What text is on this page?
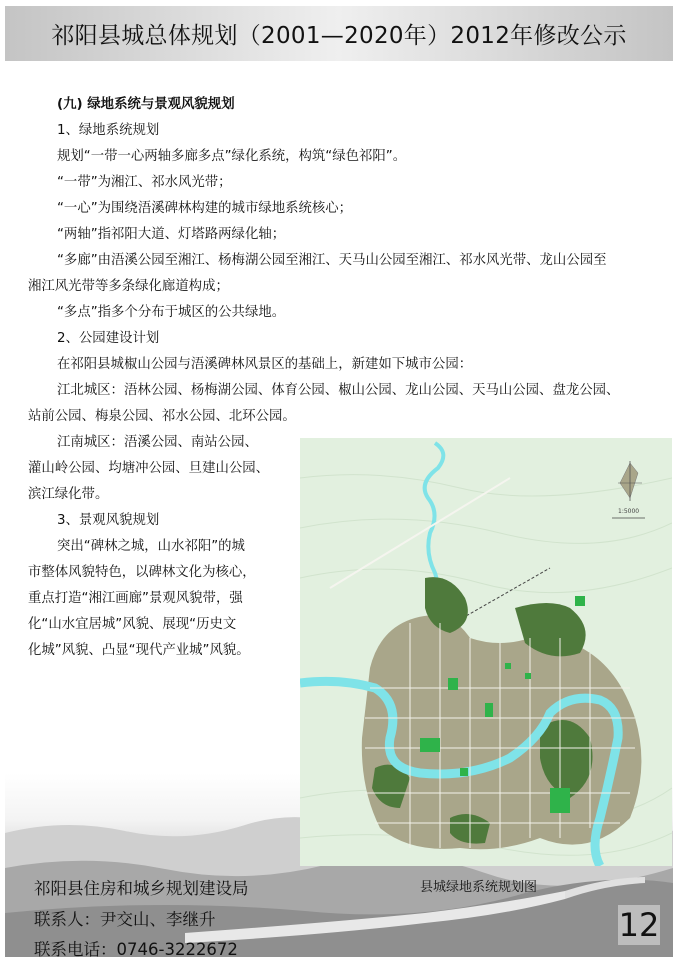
祁阳县城总体规划（2001—2020年）2012年修改公示
(九) 绿地系统与景观风貌规划
1、绿地系统规划
规划“一带一心两轴多廊多点”绿化系统，构筑“绿色祁阳”。
“一带”为湘江、祁水风光带；
“一心”为围绕浯溪碑林构建的城市绿地系统核心；
“两轴”指祁阳大道、灯塔路两绿化轴；
“多廊”由浯溪公园至湘江、杨梅湖公园至湘江、天马山公园至湘江、祁水风光带、龙山公园至
湘江风光带等多条绿化廊道构成；
“多点”指多个分布于城区的公共绿地。
2、公园建设计划
在祁阳县城椒山公园与浯溪碑林风景区的基础上，新建如下城市公园：
江北城区：浯林公园、杨梅湖公园、体育公园、椒山公园、龙山公园、天马山公园、盘龙公园、
站前公园、梅泉公园、祁水公园、北环公园。
江南城区：浯溪公园、南站公园、
灌山岭公园、均塘冲公园、旦建山公园、
滨江绿化带。
3、景观风貌规划
突出“碑林之城，山水祁阳”的城
市整体风貌特色，以碑林文化为核心，
重点打造“湘江画廊”景观风貌带，强
化“山水宜居城”风貌、展现“历史文
化城”风貌、凸显“现代产业城”风貌。
1:5000
县城绿地系统规划图
祁阳县住房和城乡规划建设局
联系人：尹交山、李继升
联系电话：0746-3222672
12
